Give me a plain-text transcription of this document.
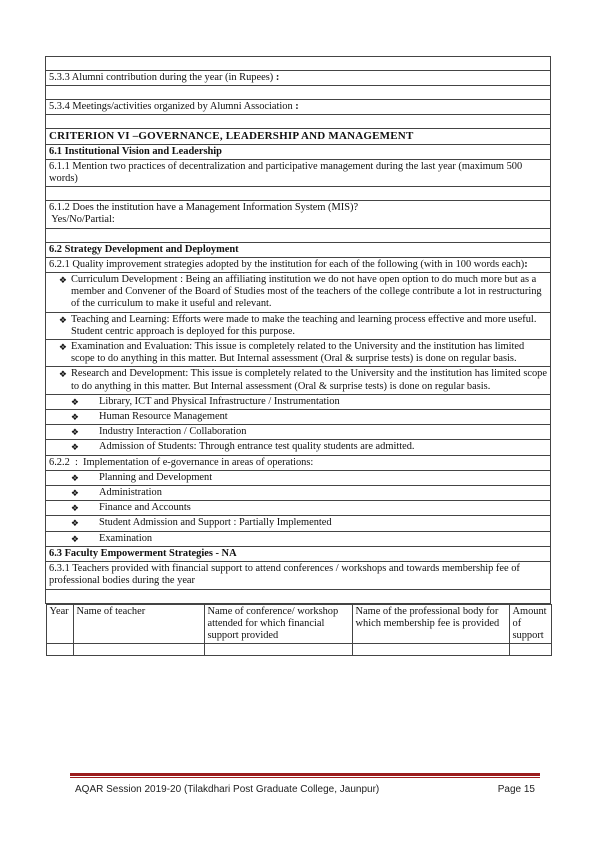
5.3.3 Alumni contribution during the year (in Rupees) :

5.3.4 Meetings/activities organized by Alumni Association :

CRITERION VI –GOVERNANCE, LEADERSHIP AND MANAGEMENT
6.1 Institutional Vision and Leadership
6.1.1 Mention two practices of decentralization and participative management during the last year (maximum 500 words)

6.1.2 Does the institution have a Management Information System (MIS)?
Yes/No/Partial:

6.2 Strategy Development and Deployment
6.2.1 Quality improvement strategies adopted by the institution for each of the following (with in 100 words each):

❖ Curriculum Development : Being an affiliating institution we do not have open option to do much more but as a member and Convener of the Board of Studies most of the teachers of the college contribute a lot in restructuring of the curriculum to make it useful and relevant.

❖ Teaching and Learning: Efforts were made to make the teaching and learning process effective and more useful. Student centric approach is deployed for this purpose.

❖ Examination and Evaluation: This issue is completely related to the University and the institution has limited scope to do anything in this matter. But Internal assessment (Oral & surprise tests) is done on regular basis.

❖ Research and Development: This issue is completely related to the University and the institution has limited scope to do anything in this matter. But Internal assessment (Oral & surprise tests) is done on regular basis.

❖	Library, ICT and Physical Infrastructure / Instrumentation

❖	Human Resource Management

❖	Industry Interaction / Collaboration

❖	Admission of Students: Through entrance test quality students are admitted.

6.2.2  :  Implementation of e-governance in areas of operations:

❖	Planning and Development

❖	Administration

❖	Finance and Accounts

❖	Student Admission and Support : Partially Implemented

❖	Examination

6.3 Faculty Empowerment Strategies - NA
6.3.1 Teachers provided with financial support to attend conferences / workshops and towards membership fee of professional bodies during the year

Year	Name of teacher	Name of conference/ workshop attended for which financial support provided	Name of the professional body for which membership fee is provided	Amount of support

AQAR Session 2019-20 (Tilakdhari Post Graduate College, Jaunpur)	Page 15
